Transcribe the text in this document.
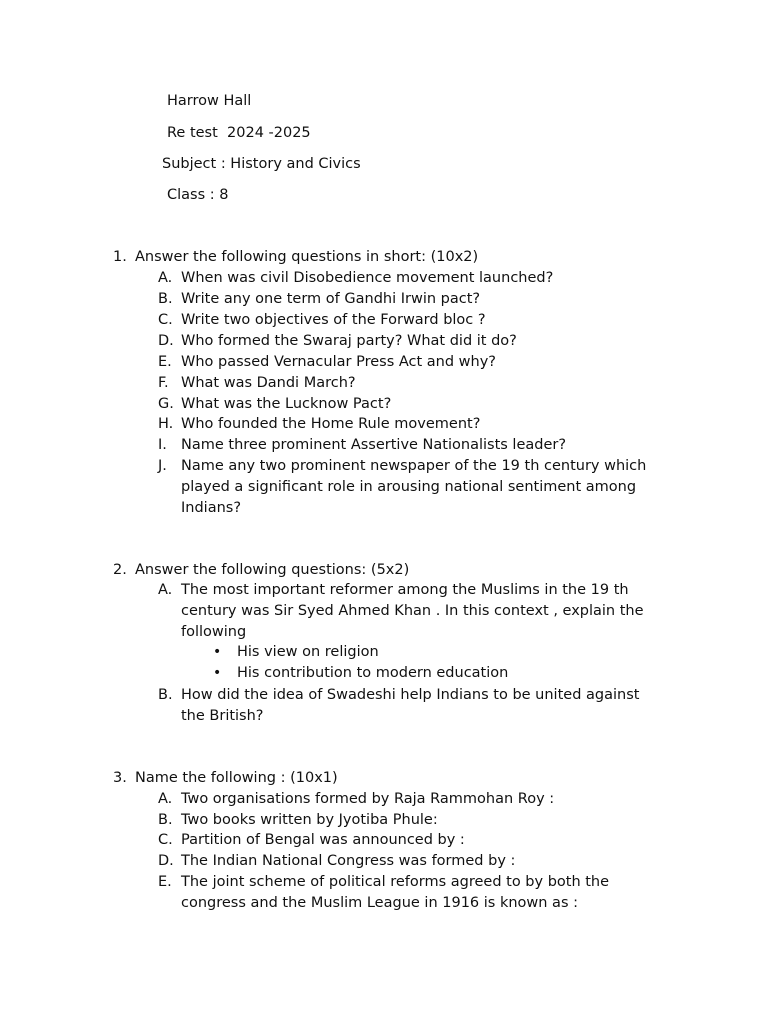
Harrow Hall
Re test  2024 -2025
Subject : History and Civics
Class : 8
1. Answer the following questions in short: (10x2)
A. When was civil Disobedience movement launched?
B. Write any one term of Gandhi Irwin pact?
C. Write two objectives of the Forward bloc ?
D. Who formed the Swaraj party? What did it do?
E. Who passed Vernacular Press Act and why?
F. What was Dandi March?
G. What was the Lucknow Pact?
H. Who founded the Home Rule movement?
I. Name three prominent Assertive Nationalists leader?
J. Name any two prominent newspaper of the 19 th century which
played a significant role in arousing national sentiment among
Indians?
2. Answer the following questions: (5x2)
A. The most important reformer among the Muslims in the 19 th
century was Sir Syed Ahmed Khan . In this context , explain the
following
• His view on religion
• His contribution to modern education
B. How did the idea of Swadeshi help Indians to be united against
the British?
3. Name the following : (10x1)
A. Two organisations formed by Raja Rammohan Roy :
B. Two books written by Jyotiba Phule:
C. Partition of Bengal was announced by :
D. The Indian National Congress was formed by :
E. The joint scheme of political reforms agreed to by both the
congress and the Muslim League in 1916 is known as :
